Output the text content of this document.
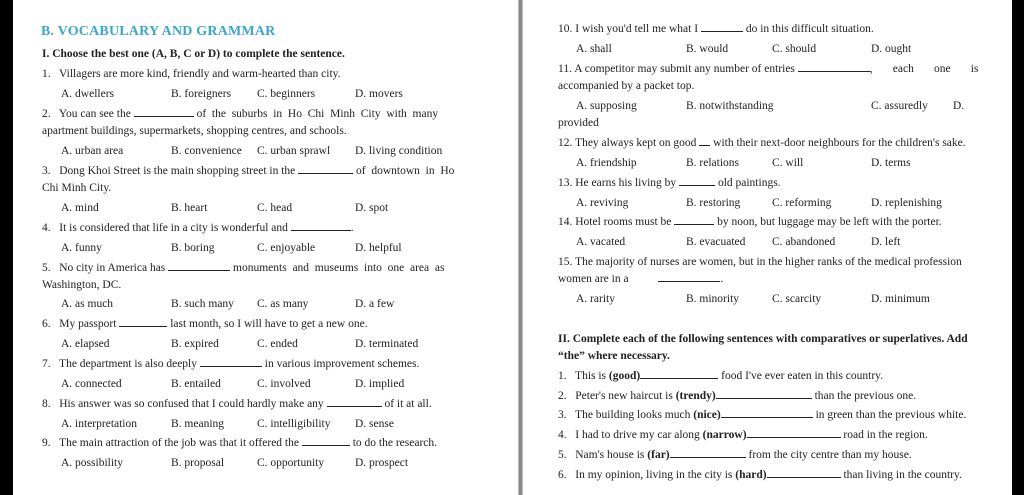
B. VOCABULARY AND GRAMMAR
I. Choose the best one (A, B, C or D) to complete the sentence.
1. Villagers are more kind, friendly and warm-hearted than city.
A. dwellers	B. foreigners C. beginners	D. movers
2. You can see the	of  the  suburbs  in  Ho  Chi  Minh  City  with  many
apartment buildings, supermarkets, shopping centres, and schools.
A. urban area	B. convenience C. urban sprawl D. living condition
3. Dong Khoi Street is the main shopping street in the	of  downtown  in  Ho
Chi Minh City.
A. mind	B. heart	C. head	D. spot
4. It is considered that life in a city is wonderful and	.
A. funny	B. boring	C. enjoyable	D. helpful
5. No city in America has	monuments  and  museums  into  one  area  as
Washington, DC.
A. as much	B. such many C. as many	D. a few
6. My passport	last month, so I will have to get a new one.
A. elapsed	B. expired	C. ended	D. terminated
7. The department is also deeply	in various improvement schemes.
A. connected	B. entailed	C. involved	D. implied
8. His answer was so confused that I could hardly make any	of it at all.
A. interpretation	B. meaning	C. intelligibility D. sense
9. The main attraction of the job was that it offered the	to do the research.
A. possibility	B. proposal	C. opportunity	D. prospect
10. I wish you'd tell me what I	do in this difficult situation.
A. shall	B. would	C. should	D. ought
11. A competitor may submit any number of entries	,       each       one       is
accompanied by a packet top.
A. supposing	B. notwithstanding	C. assuredly D.
provided
12. They always kept on good with their next-door neighbours for the children's sake.
A. friendship	B. relations	C. will	D. terms
13. He earns his living by	old paintings.
A. reviving	B. restoring	C. reforming	D. replenishing
14. Hotel rooms must be	by noon, but luggage may be left with the porter.
A. vacated	B. evacuated C. abandoned	D. left
15. The majority of nurses are women, but in the higher ranks of the medical profession
women are in a	.
A. rarity	B. minority	C. scarcity	D. minimum
II. Complete each of the following sentences with comparatives or superlatives. Add
“the” where necessary.
1. This is (good)	food I've ever eaten in this country.
2. Peter's new haircut is (trendy)	than the previous one.
3. The building looks much (nice)	in green than the previous white.
4. I had to drive my car along (narrow)	road in the region.
5. Nam's house is (far)	from the city centre than my house.
6. In my opinion, living in the city is (hard)	than living in the country.
